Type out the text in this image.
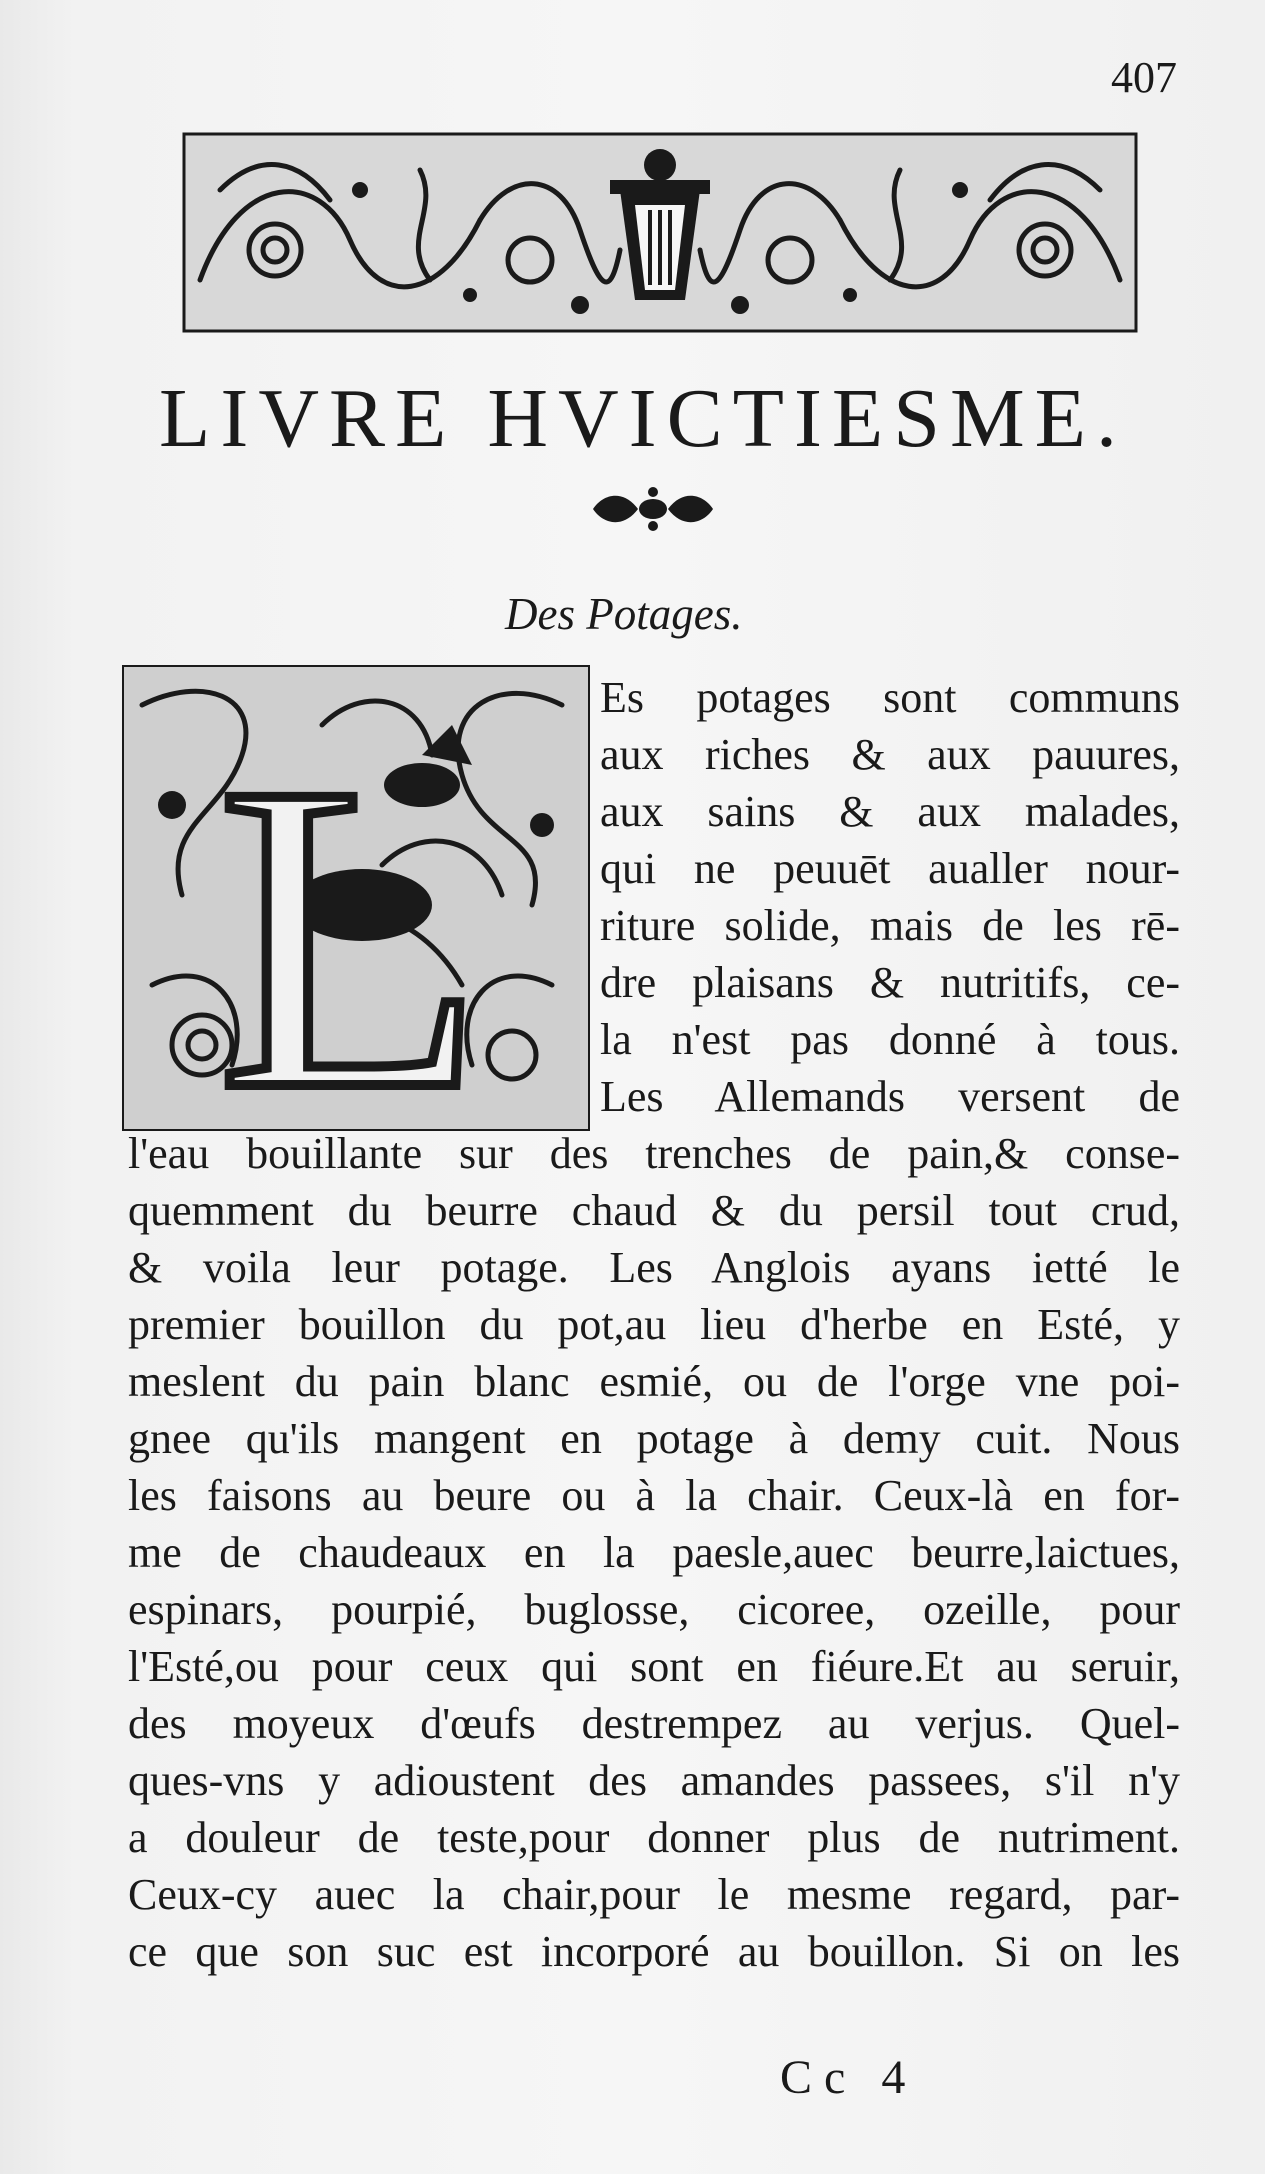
407
LIVRE HVICTIESME.
Des Potages.
L	Es potages sont communs
aux riches & aux pauures,
aux sains & aux malades,
qui ne peuuēt aualler nour-
riture solide, mais de les rē-
dre plaisans & nutritifs, ce-
la n'est pas donné à tous.
Les Allemands versent de
l'eau bouillante sur des trenches de pain,& conse-
quemment du beurre chaud & du persil tout crud,
& voila leur potage. Les Anglois ayans ietté le
premier bouillon du pot,au lieu d'herbe en Esté, y
meslent du pain blanc esmié, ou de l'orge vne poi-
gnee qu'ils mangent en potage à demy cuit. Nous
les faisons au beure ou à la chair. Ceux-là en for-
me de chaudeaux en la paesle,auec beurre,laictues,
espinars, pourpié, buglosse, cicoree, ozeille, pour
l'Esté,ou pour ceux qui sont en fiéure.Et au seruir,
des moyeux d'œufs destrempez au verjus. Quel-
ques-vns y adioustent des amandes passees, s'il n'y
a douleur de teste,pour donner plus de nutriment.
Ceux-cy auec la chair,pour le mesme regard, par-
ce que son suc est incorporé au bouillon. Si on les
Cc 4
